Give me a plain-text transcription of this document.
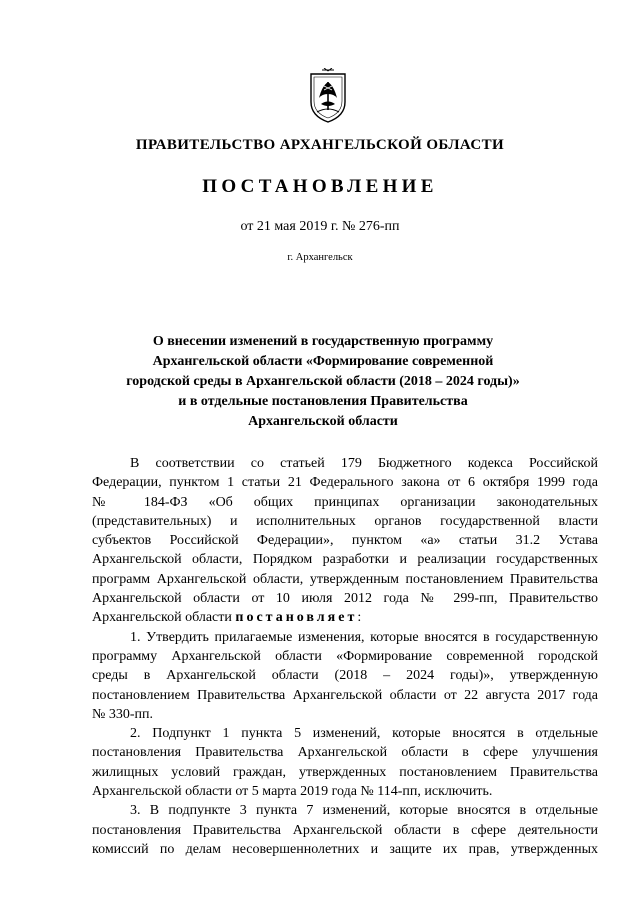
ПРАВИТЕЛЬСТВО АРХАНГЕЛЬСКОЙ ОБЛАСТИ
ПОСТАНОВЛЕНИЕ
от 21 мая 2019 г. № 276-пп
г. Архангельск
О внесении изменений в государственную программу
Архангельской области «Формирование современной
городской среды в Архангельской области (2018 – 2024 годы)»
и в отдельные постановления Правительства
Архангельской области
В соответствии со статьей 179 Бюджетного кодекса Российской
Федерации, пунктом 1 статьи 21 Федерального закона от 6 октября 1999 года
№ 184-ФЗ «Об общих принципах организации законодательных
(представительных) и исполнительных органов государственной власти
субъектов Российской Федерации», пунктом «а» статьи 31.2 Устава
Архангельской области, Порядком разработки и реализации государственных
программ Архангельской области, утвержденным постановлением Правительства
Архангельской области от 10 июля 2012 года № 299-пп, Правительство
Архангельской области постановляет:
1. Утвердить прилагаемые изменения, которые вносятся в государственную
программу Архангельской области «Формирование современной городской
среды в Архангельской области (2018 – 2024 годы)», утвержденную
постановлением Правительства Архангельской области от 22 августа 2017 года
№ 330-пп.
2. Подпункт 1 пункта 5 изменений, которые вносятся в отдельные
постановления Правительства Архангельской области в сфере улучшения
жилищных условий граждан, утвержденных постановлением Правительства
Архангельской области от 5 марта 2019 года № 114-пп, исключить.
3. В подпункте 3 пункта 7 изменений, которые вносятся в отдельные
постановления Правительства Архангельской области в сфере деятельности
комиссий по делам несовершеннолетних и защите их прав, утвержденных
